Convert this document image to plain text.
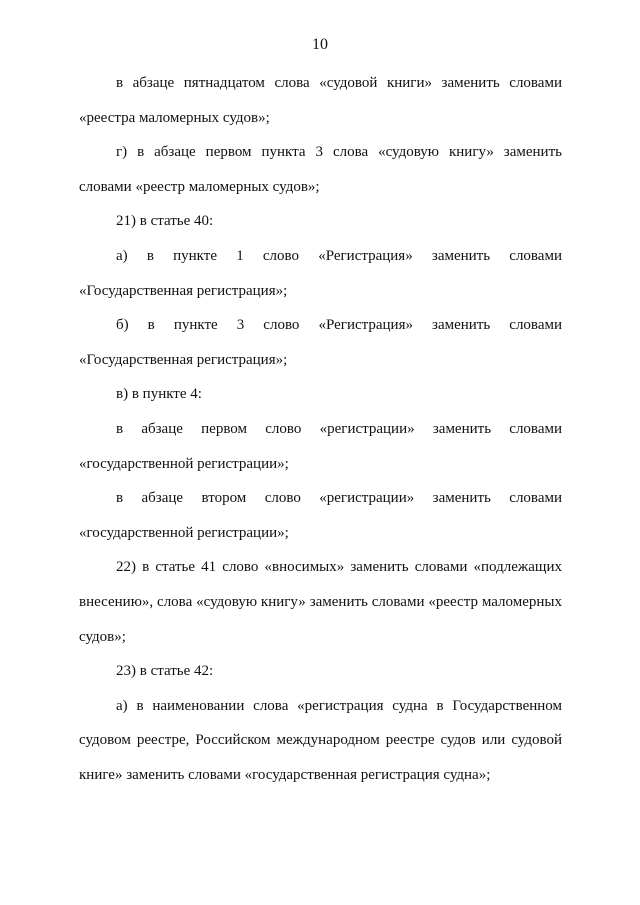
10
в абзаце пятнадцатом слова «судовой книги» заменить словами
«реестра маломерных судов»;
г) в абзаце первом пункта 3 слова «судовую книгу» заменить
словами «реестр маломерных судов»;
21) в статье 40:
а) в пункте 1 слово «Регистрация» заменить словами
«Государственная регистрация»;
б) в пункте 3 слово «Регистрация» заменить словами
«Государственная регистрация»;
в) в пункте 4:
в абзаце первом слово «регистрации» заменить словами
«государственной регистрации»;
в абзаце втором слово «регистрации» заменить словами
«государственной регистрации»;
22) в статье 41 слово «вносимых» заменить словами «подлежащих
внесению», слова «судовую книгу» заменить словами «реестр маломерных
судов»;
23) в статье 42:
а) в наименовании слова «регистрация судна в Государственном
судовом реестре, Российском международном реестре судов или судовой
книге» заменить словами «государственная регистрация судна»;
